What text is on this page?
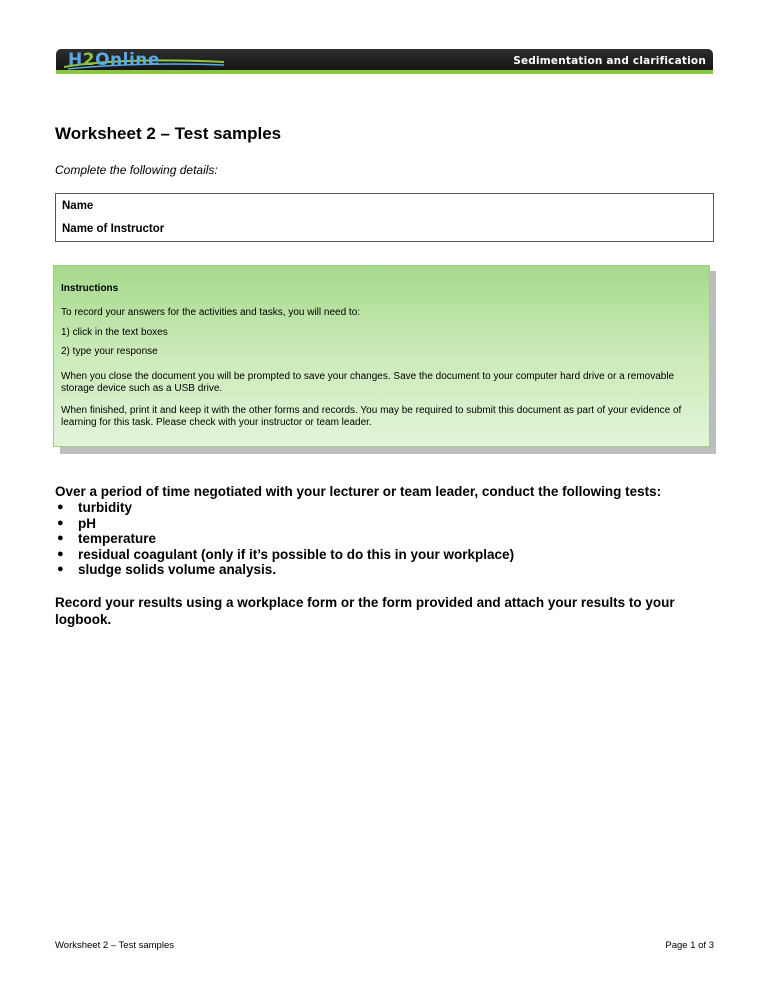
H2Online	Sedimentation and clarification
Worksheet 2 – Test samples

Complete the following details:

Name
Name of Instructor

Instructions

To record your answers for the activities and tasks, you will need to:

1) click in the text boxes

2) type your response

When you close the document you will be prompted to save your changes. Save the document to your computer hard drive or a removable storage device such as a USB drive.

When finished, print it and keep it with the other forms and records. You may be required to submit this document as part of your evidence of learning for this task. Please check with your instructor or team leader.

Over a period of time negotiated with your lecturer or team leader, conduct the following tests:

● turbidity
● pH
● temperature
● residual coagulant (only if it’s possible to do this in your workplace)
● sludge solids volume analysis.

Record your results using a workplace form or the form provided and attach your results to your logbook.

Worksheet 2 – Test samples	Page 1 of 3
